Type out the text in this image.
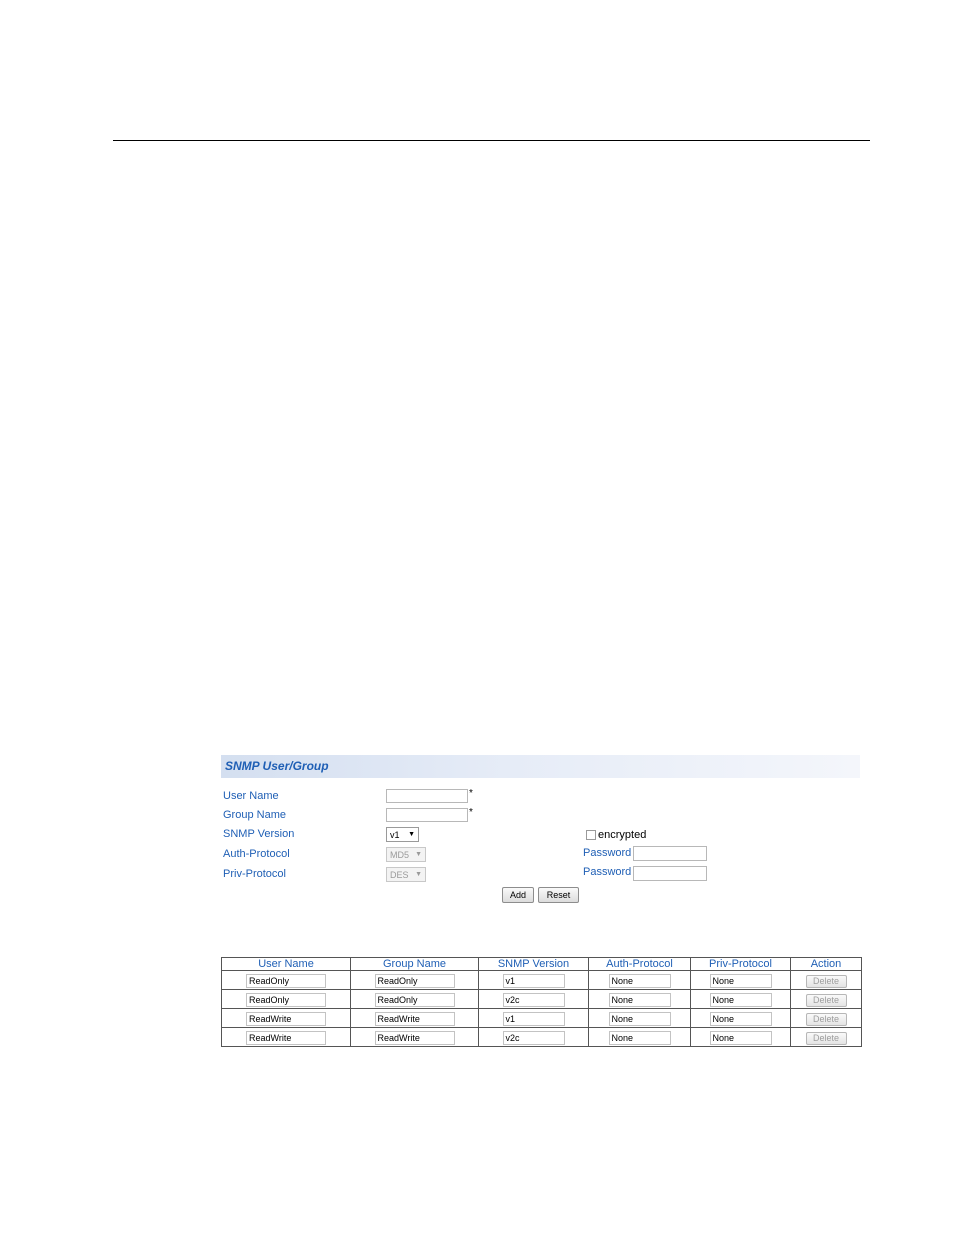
SNMP User/Group
User Name	*
Group Name	*
SNMP Version	v1 ▼	encrypted
Auth-Protocol	MD5 ▼	Password
Priv-Protocol	DES ▼	Password
Add	Reset
User Name	Group Name	SNMP Version	Auth-Protocol	Priv-Protocol	Action
ReadOnly	ReadOnly	v1	None	None	Delete
ReadOnly	ReadOnly	v2c	None	None	Delete
ReadWrite	ReadWrite	v1	None	None	Delete
ReadWrite	ReadWrite	v2c	None	None	Delete
